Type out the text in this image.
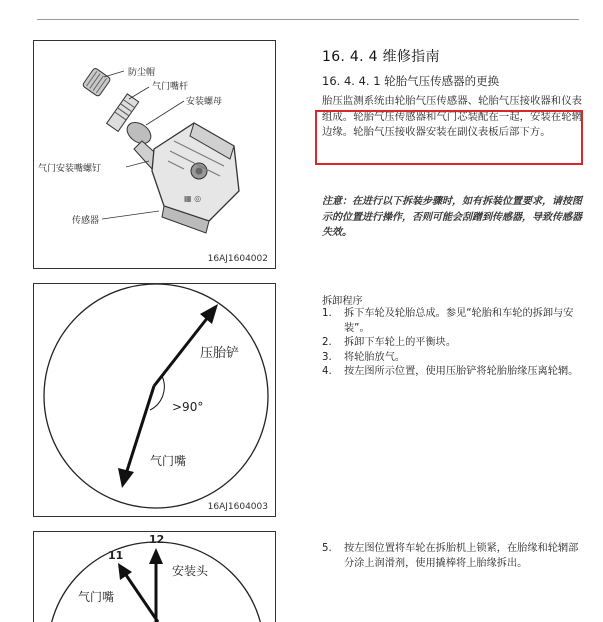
▦ ◎
防尘帽
气门嘴杆
安装螺母
气门安装嘴螺钉
传感器
16AJ1604002
压胎铲
>90°
气门嘴
16AJ1604003
12
11
安装头
气门嘴
16. 4. 4 维修指南
16. 4. 4. 1 轮胎气压传感器的更换

胎压监测系统由轮胎气压传感器、轮胎气压接收器和仪表组成。轮胎气压传感器和气门芯装配在一起，安装在轮辋边缘。轮胎气压接收器安装在副仪表板后部下方。

注意：在进行以下拆装步骤时，如有拆装位置要求，请按图示的位置进行操作，否则可能会刮蹭到传感器，导致传感器失效。

拆卸程序
1.	拆下车轮及轮胎总成。参见“轮胎和车轮的拆卸与安装”。
2.	拆卸下车轮上的平衡块。
3.	将轮胎放气。
4.	按左图所示位置，使用压胎铲将轮胎胎缘压离轮辋。
5.	按左图位置将车轮在拆胎机上锁紧，在胎缘和轮辋部分涂上润滑剂，使用撬棒将上胎缘拆出。
